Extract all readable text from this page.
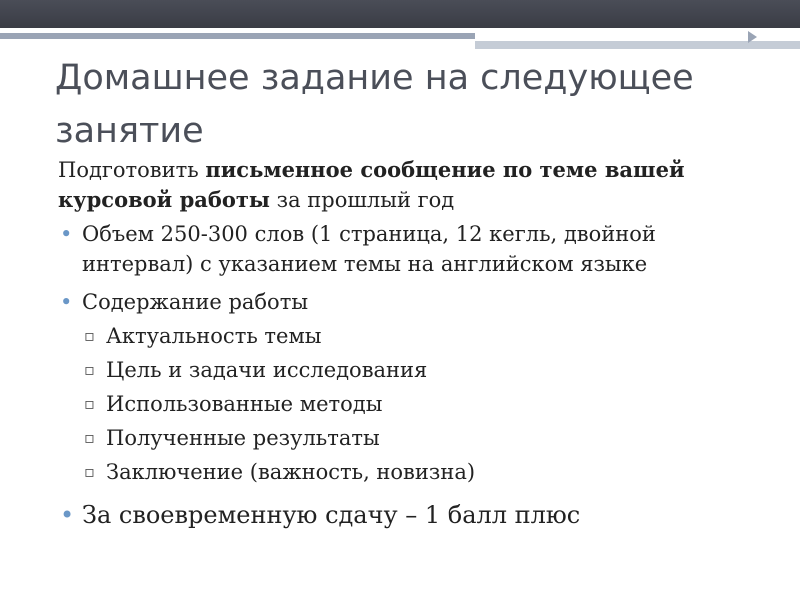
Домашнее задание на следующее занятие

Подготовить письменное сообщение по теме вашей курсовой работы за прошлый год

• Объем 250-300 слов (1 страница, 12 кегль, двойной интервал) с указанием темы на английском языке
• Содержание работы
▫ Актуальность темы
▫ Цель и задачи исследования
▫ Использованные методы
▫ Полученные результаты
▫ Заключение (важность, новизна)
• За своевременную сдачу – 1 балл плюс
